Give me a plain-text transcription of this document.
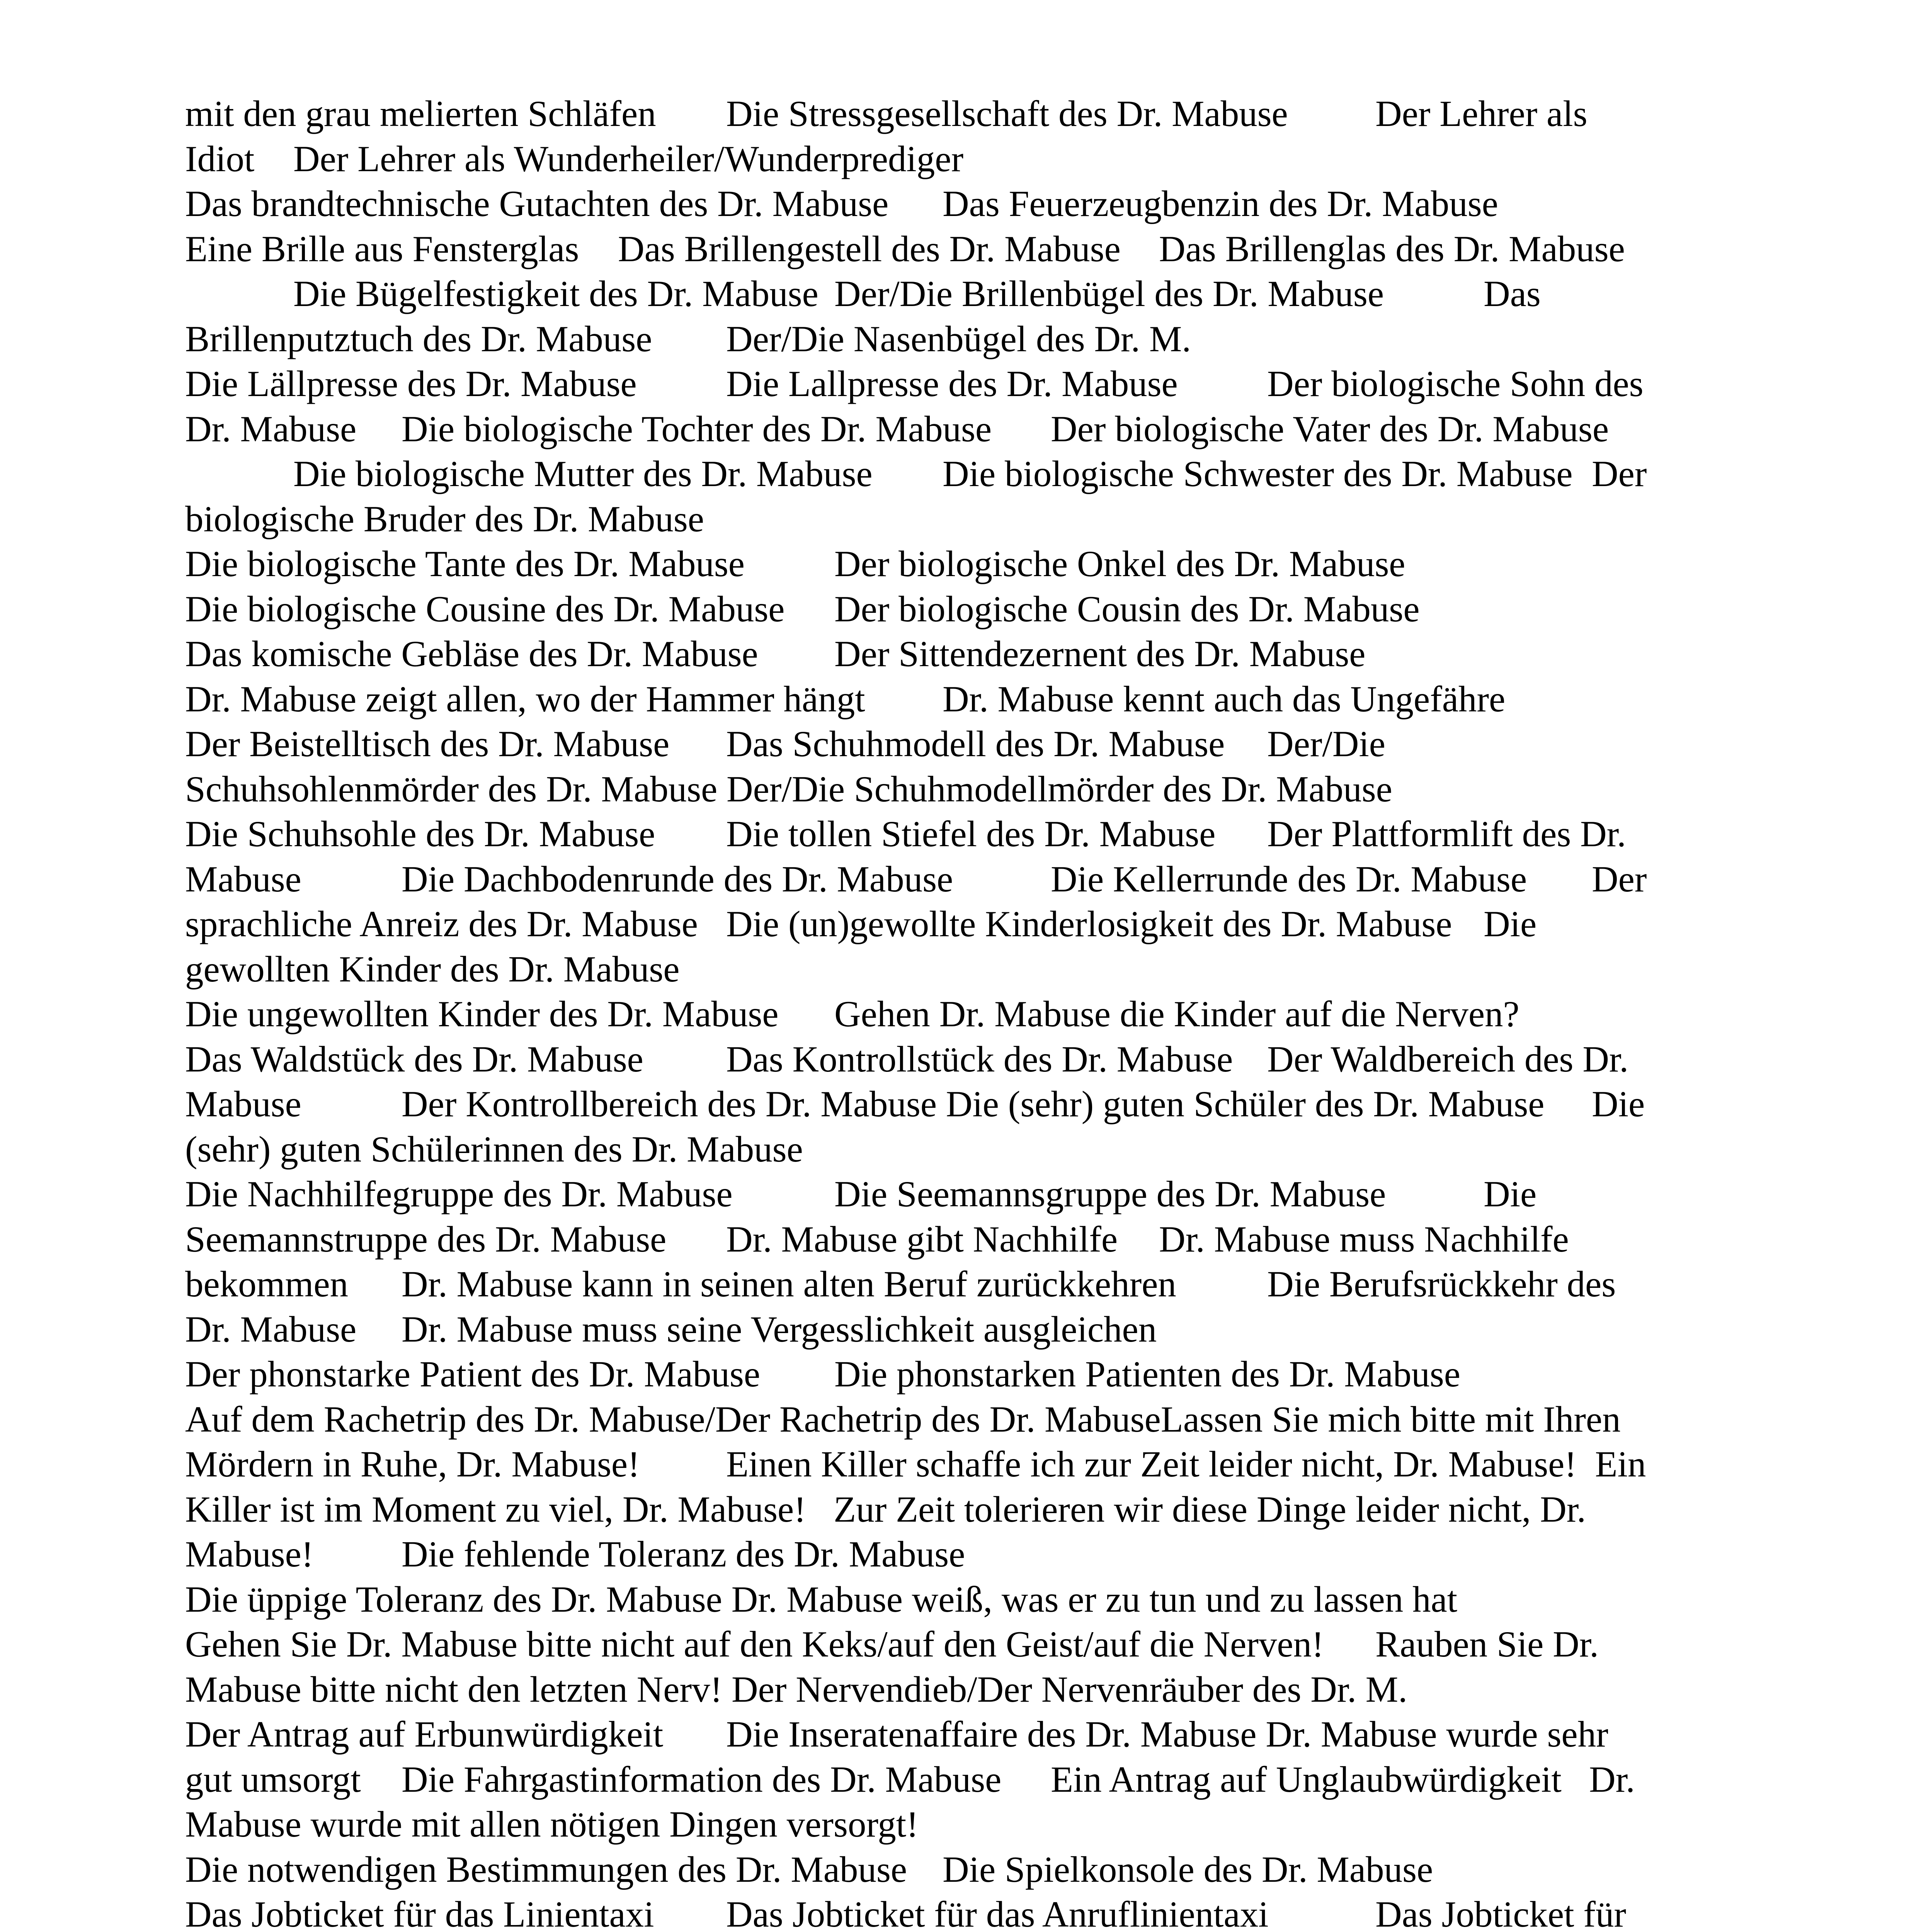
mit den grau melierten Schläfen	Die Stressgesellschaft des Dr. Mabuse	Der Lehrer als
Idiot	Der Lehrer als Wunderheiler/Wunderprediger
Das brandtechnische Gutachten des Dr. Mabuse	Das Feuerzeugbenzin des Dr. Mabuse
Eine Brille aus Fensterglas	Das Brillengestell des Dr. Mabuse	Das Brillenglas des Dr. Mabuse
	Die Bügelfestigkeit des Dr. Mabuse	Der/Die Brillenbügel des Dr. Mabuse	Das
Brillenputztuch des Dr. Mabuse	Der/Die Nasenbügel des Dr. M.
Die Lällpresse des Dr. Mabuse	Die Lallpresse des Dr. Mabuse	Der biologische Sohn des
Dr. Mabuse	Die biologische Tochter des Dr. Mabuse	Der biologische Vater des Dr. Mabuse
	Die biologische Mutter des Dr. Mabuse	Die biologische Schwester des Dr. Mabuse	Der
biologische Bruder des Dr. Mabuse
Die biologische Tante des Dr. Mabuse	Der biologische Onkel des Dr. Mabuse
Die biologische Cousine des Dr. Mabuse	Der biologische Cousin des Dr. Mabuse
Das komische Gebläse des Dr. Mabuse	Der Sittendezernent des Dr. Mabuse
Dr. Mabuse zeigt allen, wo der Hammer hängt	Dr. Mabuse kennt auch das Ungefähre
Der Beistelltisch des Dr. Mabuse	Das Schuhmodell des Dr. Mabuse	Der/Die
Schuhsohlenmörder des Dr. Mabuse Der/Die Schuhmodellmörder des Dr. Mabuse
Die Schuhsohle des Dr. Mabuse	Die tollen Stiefel des Dr. Mabuse	Der Plattformlift des Dr.
Mabuse	Die Dachbodenrunde des Dr. Mabuse	Die Kellerrunde des Dr. Mabuse	Der
sprachliche Anreiz des Dr. Mabuse	Die (un)gewollte Kinderlosigkeit des Dr. Mabuse	Die
gewollten Kinder des Dr. Mabuse
Die ungewollten Kinder des Dr. Mabuse	Gehen Dr. Mabuse die Kinder auf die Nerven?
Das Waldstück des Dr. Mabuse	Das Kontrollstück des Dr. Mabuse	Der Waldbereich des Dr.
Mabuse	Der Kontrollbereich des Dr. Mabuse Die (sehr) guten Schüler des Dr. Mabuse	Die
(sehr) guten Schülerinnen des Dr. Mabuse
Die Nachhilfegruppe des Dr. Mabuse	Die Seemannsgruppe des Dr. Mabuse	Die
Seemannstruppe des Dr. Mabuse	Dr. Mabuse gibt Nachhilfe	Dr. Mabuse muss Nachhilfe
bekommen	Dr. Mabuse kann in seinen alten Beruf zurückkehren	Die Berufsrückkehr des
Dr. Mabuse	Dr. Mabuse muss seine Vergesslichkeit ausgleichen
Der phonstarke Patient des Dr. Mabuse	Die phonstarken Patienten des Dr. Mabuse
Auf dem Rachetrip des Dr. Mabuse/Der Rachetrip des Dr. MabuseLassen Sie mich bitte mit Ihren
Mördern in Ruhe, Dr. Mabuse!	Einen Killer schaffe ich zur Zeit leider nicht, Dr. Mabuse!  Ein
Killer ist im Moment zu viel, Dr. Mabuse!   Zur Zeit tolerieren wir diese Dinge leider nicht, Dr.
Mabuse!	Die fehlende Toleranz des Dr. Mabuse
Die üppige Toleranz des Dr. Mabuse Dr. Mabuse weiß, was er zu tun und zu lassen hat
Gehen Sie Dr. Mabuse bitte nicht auf den Keks/auf den Geist/auf die Nerven!	Rauben Sie Dr.
Mabuse bitte nicht den letzten Nerv! Der Nervendieb/Der Nervenräuber des Dr. M.
Der Antrag auf Erbunwürdigkeit	Die Inseratenaffaire des Dr. Mabuse Dr. Mabuse wurde sehr
gut umsorgt	Die Fahrgastinformation des Dr. Mabuse	Ein Antrag auf Unglaubwürdigkeit   Dr.
Mabuse wurde mit allen nötigen Dingen versorgt!
Die notwendigen Bestimmungen des Dr. Mabuse	Die Spielkonsole des Dr. Mabuse
Das Jobticket für das Linientaxi	Das Jobticket für das Anruflinientaxi	Das Jobticket für
